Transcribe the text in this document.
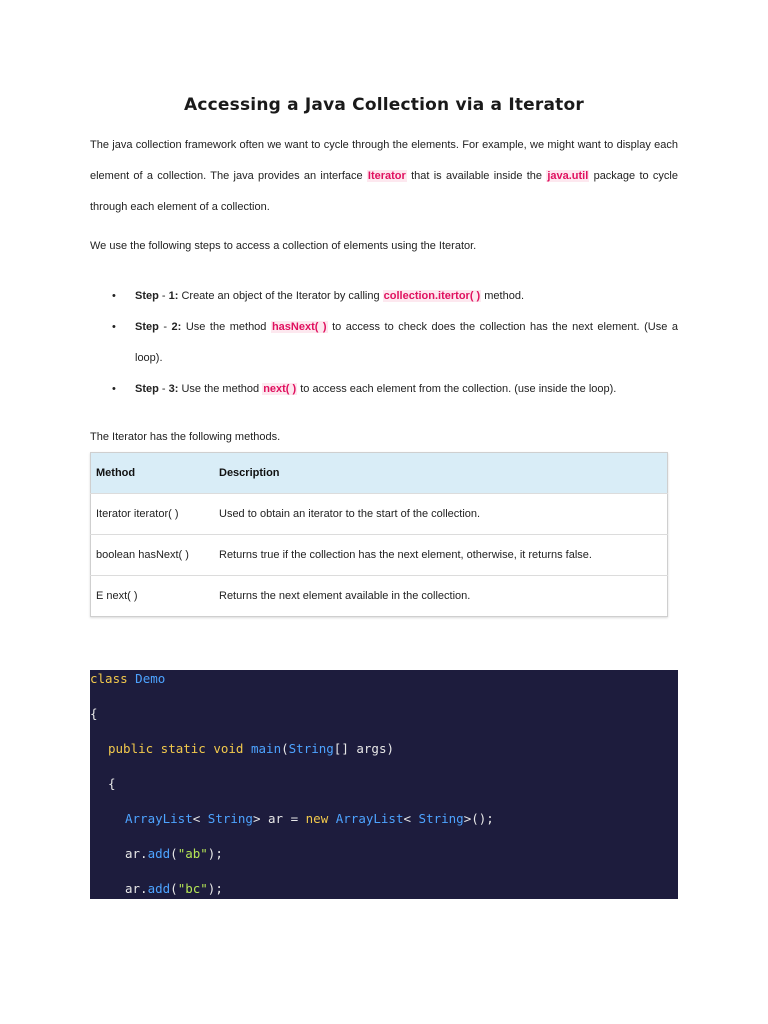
Accessing a Java Collection via a Iterator
The java collection framework often we want to cycle through the elements. For example, we might want to display each element of a collection. The java provides an interface Iterator that is available inside the java.util package to cycle through each element of a collection.
We use the following steps to access a collection of elements using the Iterator.
• Step - 1: Create an object of the Iterator by calling collection.itertor( ) method.
• Step - 2: Use the method hasNext( ) to access to check does the collection has the next element. (Use a loop).
• Step - 3: Use the method next( ) to access each element from the collection. (use inside the loop).
The Iterator has the following methods.
Method	Description
Iterator iterator( )	Used to obtain an iterator to the start of the collection.
boolean hasNext( )	Returns true if the collection has the next element, otherwise, it returns false.
E next( )	Returns the next element available in the collection.
class Demo
{
public static void main(String[] args)
{
ArrayList< String> ar = new ArrayList< String>();
ar.add("ab");
ar.add("bc");
